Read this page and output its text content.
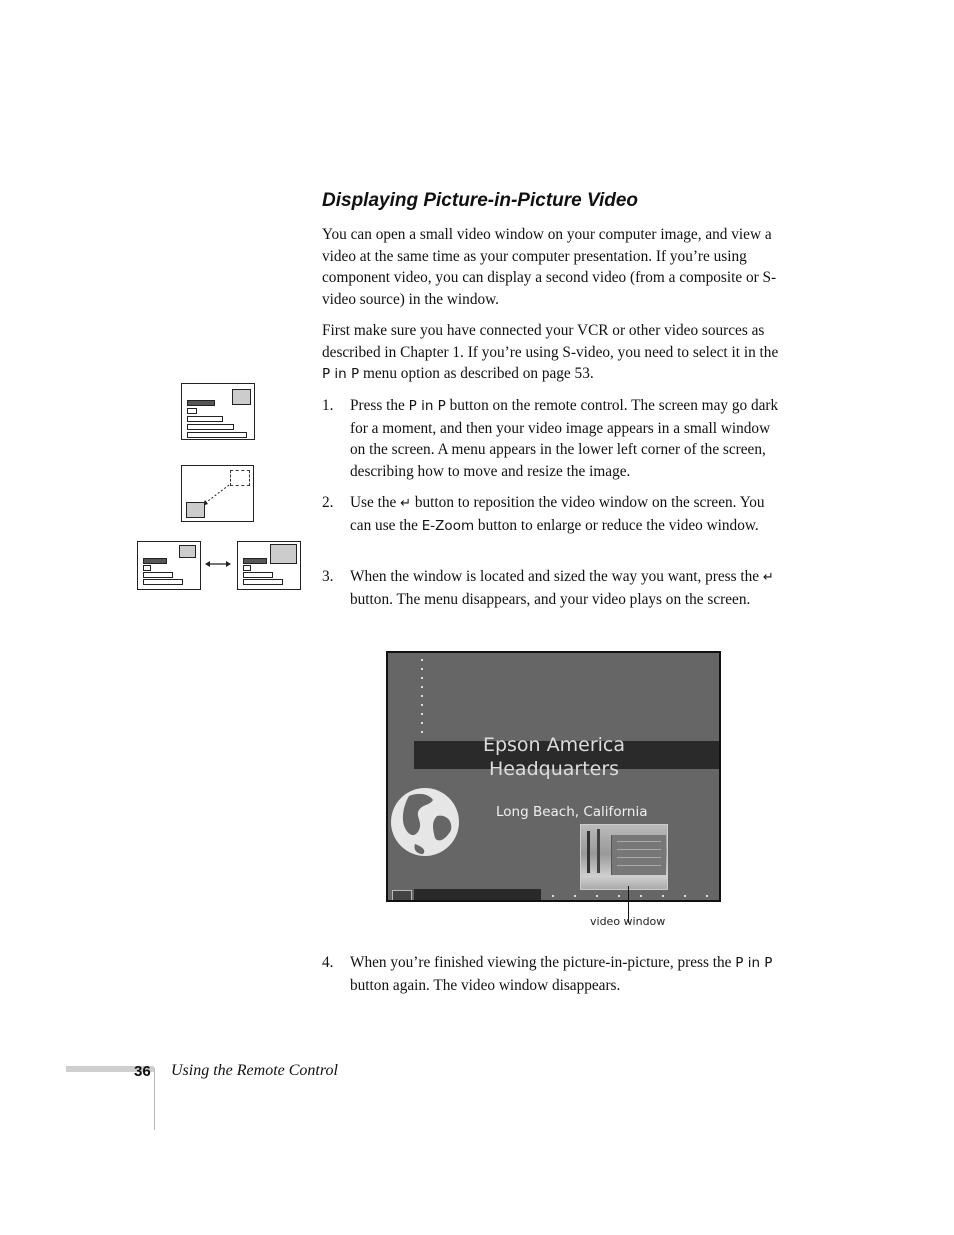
Displaying Picture-in-Picture Video
You can open a small video window on your computer image, and view a video at the same time as your computer presentation. If you’re using component video, you can display a second video (from a composite or S-video source) in the window.
First make sure you have connected your VCR or other video sources as described in Chapter 1. If you’re using S-video, you need to select it in the P in P menu option as described on page 53.
1. Press the P in P button on the remote control. The screen may go dark for a moment, and then your video image appears in a small window on the screen. A menu appears in the lower left corner of the screen, describing how to move and resize the image.
2. Use the ↵ button to reposition the video window on the screen. You can use the E-Zoom button to enlarge or reduce the video window.
3. When the window is located and sized the way you want, press the ↵ button. The menu disappears, and your video plays on the screen.
4. When you’re finished viewing the picture-in-picture, press the P in P button again. The video window disappears.
Epson America
Headquarters
Long Beach, California
video window
36 Using the Remote Control
